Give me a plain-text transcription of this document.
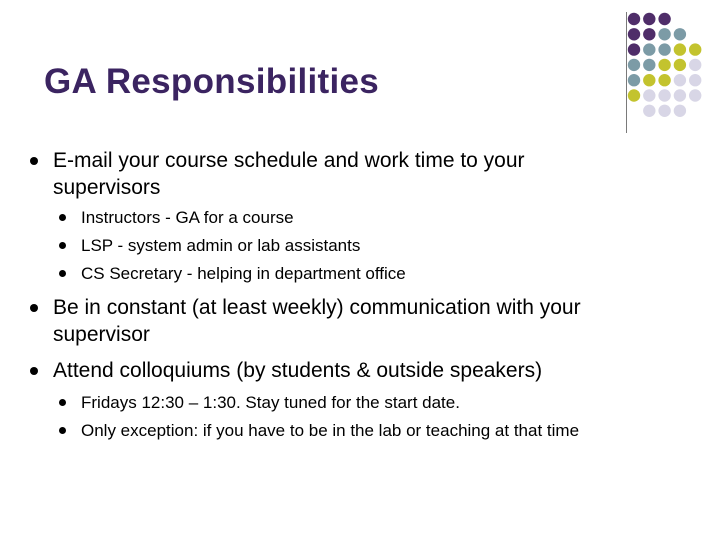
GA Responsibilities
E-mail your course schedule and work time to your
supervisors
Instructors - GA for a course
LSP - system admin or lab assistants
CS Secretary - helping in department office
Be in constant (at least weekly) communication with your
supervisor
Attend colloquiums (by students & outside speakers)
Fridays 12:30 – 1:30. Stay tuned for the start date.
Only exception: if you have to be in the lab or teaching at that time
